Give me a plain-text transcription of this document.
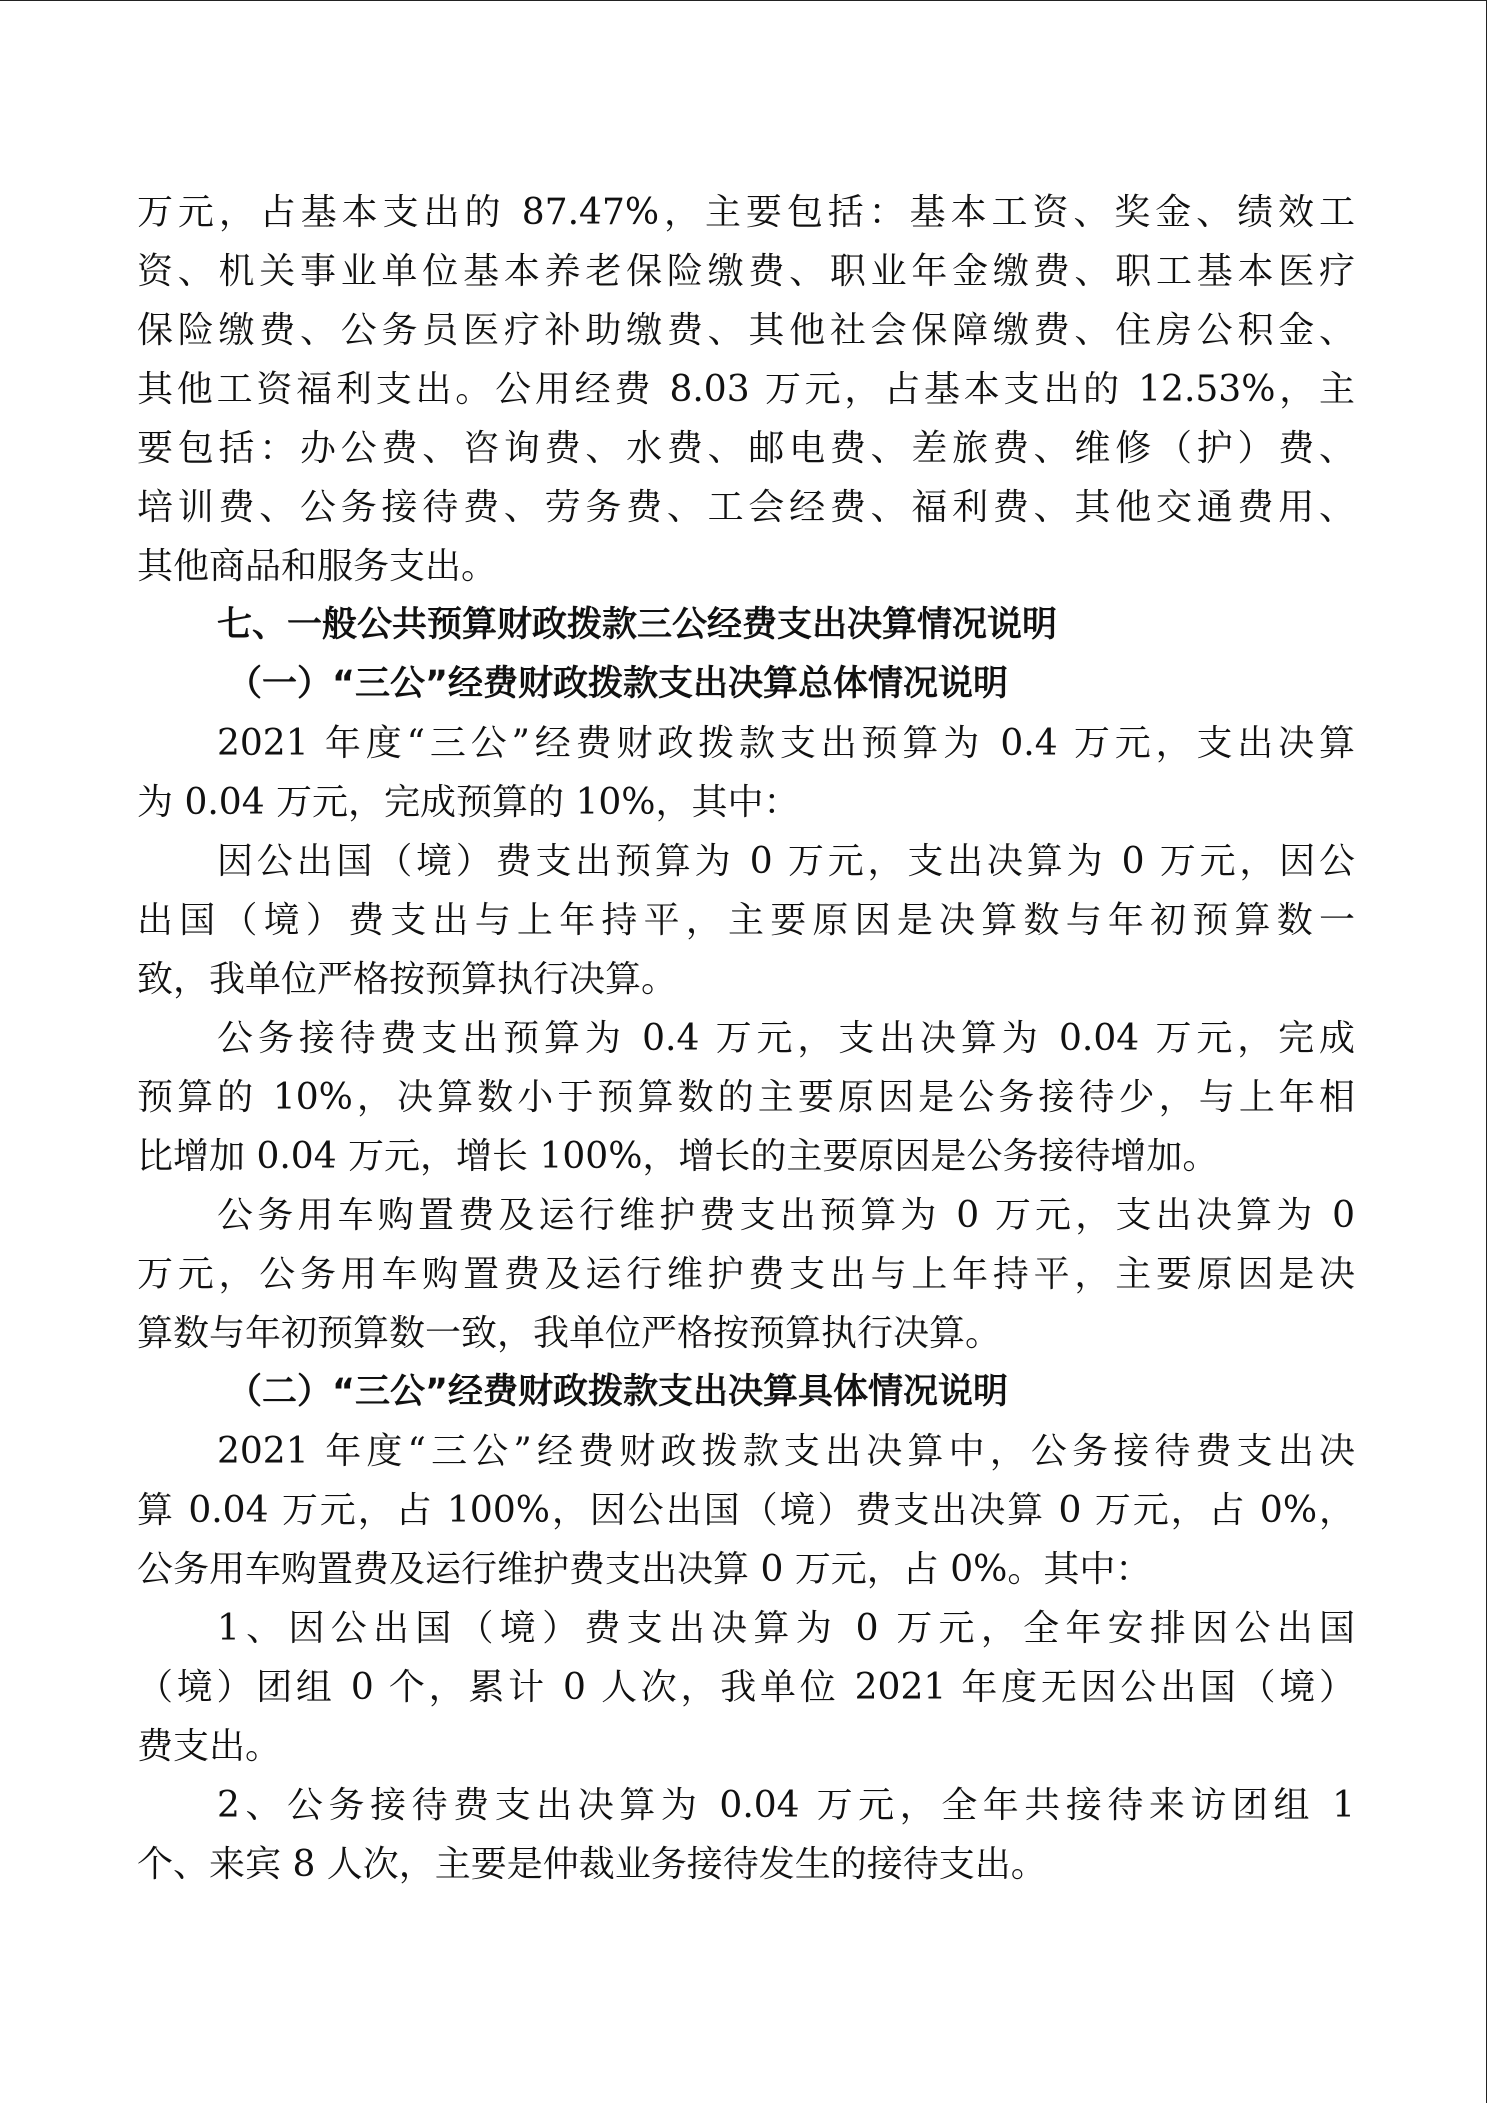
万元，占基本支出的 87.47%，主要包括：基本工资、奖金、绩效工
资、机关事业单位基本养老保险缴费、职业年金缴费、职工基本医疗
保险缴费、公务员医疗补助缴费、其他社会保障缴费、住房公积金、
其他工资福利支出。公用经费 8.03 万元，占基本支出的 12.53%，主
要包括：办公费、咨询费、水费、邮电费、差旅费、维修（护）费、
培训费、公务接待费、劳务费、工会经费、福利费、其他交通费用、
其他商品和服务支出。
七、一般公共预算财政拨款三公经费支出决算情况说明
（一）“三公”经费财政拨款支出决算总体情况说明
2021 年度“三公”经费财政拨款支出预算为 0.4 万元，支出决算
为 0.04 万元，完成预算的 10%，其中：
因公出国（境）费支出预算为 0 万元，支出决算为 0 万元，因公
出国（境）费支出与上年持平，主要原因是决算数与年初预算数一
致，我单位严格按预算执行决算。
公务接待费支出预算为 0.4 万元，支出决算为 0.04 万元，完成
预算的 10%，决算数小于预算数的主要原因是公务接待少，与上年相
比增加 0.04 万元，增长 100%，增长的主要原因是公务接待增加。
公务用车购置费及运行维护费支出预算为 0 万元，支出决算为 0
万元，公务用车购置费及运行维护费支出与上年持平，主要原因是决
算数与年初预算数一致，我单位严格按预算执行决算。
（二）“三公”经费财政拨款支出决算具体情况说明
2021 年度“三公”经费财政拨款支出决算中，公务接待费支出决
算 0.04 万元，占 100%，因公出国（境）费支出决算 0 万元，占 0%，
公务用车购置费及运行维护费支出决算 0 万元，占 0%。其中：
1、因公出国（境）费支出决算为 0 万元，全年安排因公出国
（境）团组 0 个，累计 0 人次，我单位 2021 年度无因公出国（境）
费支出。
2、公务接待费支出决算为 0.04 万元，全年共接待来访团组 1
个、来宾 8 人次，主要是仲裁业务接待发生的接待支出。
